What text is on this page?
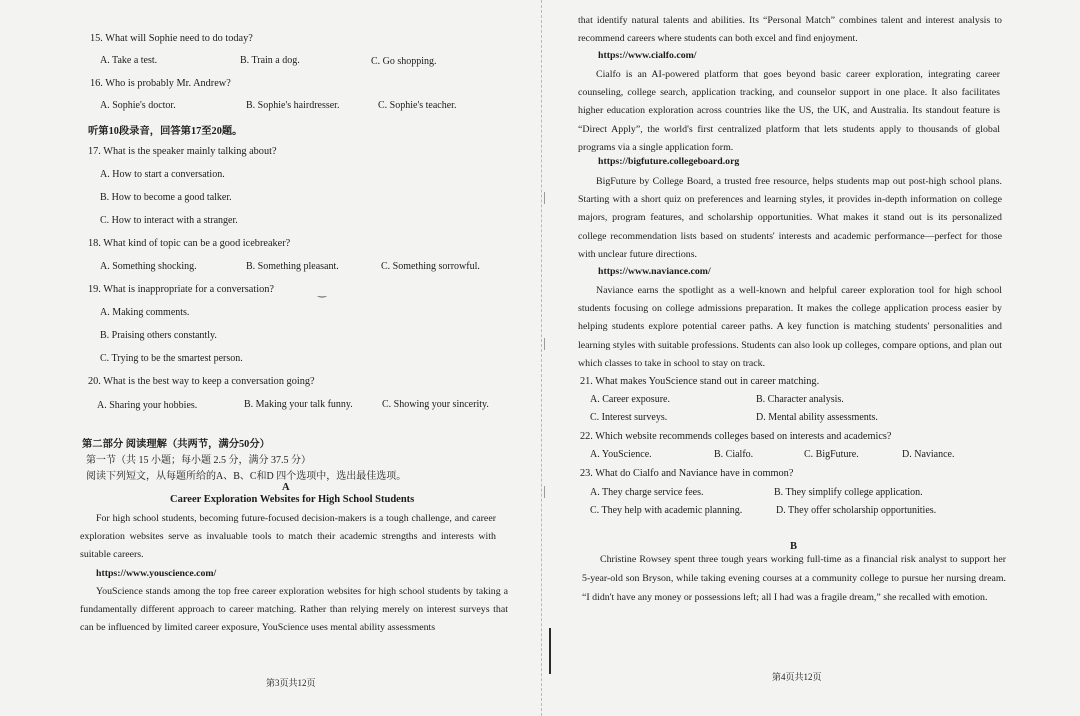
15. What will Sophie need to do today?
A. Take a test.	B. Train a dog.	C. Go shopping.
16. Who is probably Mr. Andrew?
A. Sophie's doctor.	B. Sophie's hairdresser.	C. Sophie's teacher.
听第10段录音，回答第17至20题。
17. What is the speaker mainly talking about?
A. How to start a conversation.
B. How to become a good talker.
C. How to interact with a stranger.
18. What kind of topic can be a good icebreaker?
A. Something shocking.	B. Something pleasant.	C. Something sorrowful.
19. What is inappropriate for a conversation?	‿
A. Making comments.
B. Praising others constantly.
C. Trying to be the smartest person.
20. What is the best way to keep a conversation going?
A. Sharing your hobbies.	B. Making your talk funny.	C. Showing your sincerity.
第二部分 阅读理解（共两节，满分50分）
第一节（共 15 小题；每小题 2.5 分，满分 37.5 分）
阅读下列短文，从每题所给的A、B、C和D 四个选项中，选出最佳选项。
A
Career Exploration Websites for High School Students

For high school students, becoming future-focused decision-makers is a tough challenge, and career exploration websites serve as invaluable tools to match their academic strengths and interests with suitable careers.

https://www.youscience.com/

YouScience stands among the top free career exploration websites for high school students by taking a fundamentally different approach to career matching. Rather than relying merely on interest surveys that can be influenced by limited career exposure, YouScience uses mental ability assessments

第3页共12页

that identify natural talents and abilities. Its “Personal Match” combines talent and interest analysis to recommend careers where students can both excel and find enjoyment.

https://www.cialfo.com/

Cialfo is an AI-powered platform that goes beyond basic career exploration, integrating career counseling, college search, application tracking, and counselor support in one place. It also facilitates higher education exploration across countries like the US, the UK, and Australia. Its standout feature is “Direct Apply”, the world's first centralized platform that lets students apply to thousands of global programs via a single application form.

https://bigfuture.collegeboard.org

BigFuture by College Board, a trusted free resource, helps students map out post-high school plans. Starting with a short quiz on preferences and learning styles, it provides in-depth information on college majors, program features, and scholarship opportunities. What makes it stand out is its personalized college recommendation lists based on students' interests and academic performance—perfect for those with unclear future directions.

https://www.naviance.com/

Naviance earns the spotlight as a well-known and helpful career exploration tool for high school students focusing on college admissions preparation. It makes the college application process easier by helping students explore potential career paths. A key function is matching students' personalities and learning styles with suitable professions. Students can also look up colleges, compare options, and plan out which classes to take in school to stay on track.

21. What makes YouScience stand out in career matching.
A. Career exposure.	B. Character analysis.
C. Interest surveys.	D. Mental ability assessments.
22. Which website recommends colleges based on interests and academics?
A. YouScience.	B. Cialfo.	C. BigFuture.	D. Naviance.
23. What do Cialfo and Naviance have in common?
A. They charge service fees.	B. They simplify college application.
C. They help with academic planning.	D. They offer scholarship opportunities.
B

Christine Rowsey spent three tough years working full-time as a financial risk analyst to support her 5-year-old son Bryson, while taking evening courses at a community college to pursue her nursing dream. “I didn't have any money or possessions left; all I had was a fragile dream,” she recalled with emotion.

第4页共12页
